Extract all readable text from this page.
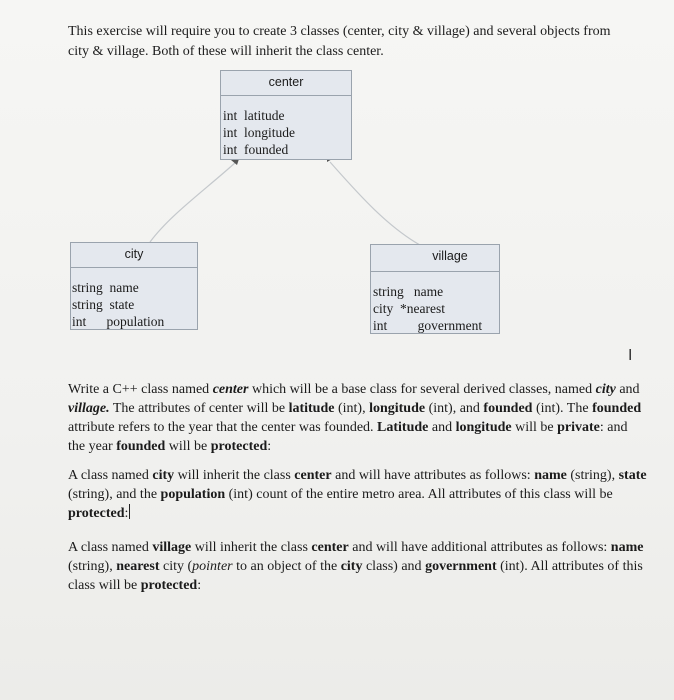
This exercise will require you to create 3 classes (center, city & village) and several objects from
city & village. Both of these will inherit the class center.
center
int  latitude
int  longitude
int  founded
city
string  name
string  state
int      population
village
string   name
city  *nearest
int         government
I
Write a C++ class named center which will be a base class for several derived classes, named city and village. The attributes of center will be latitude (int), longitude (int), and founded (int). The founded attribute refers to the year that the center was founded. Latitude and longitude will be private: and the year founded will be protected:
A class named city will inherit the class center and will have attributes as follows: name (string), state (string), and the population (int) count of the entire metro area. All attributes of this class will be protected:
A class named village will inherit the class center and will have additional attributes as follows: name (string), nearest city (pointer to an object of the city class) and government (int). All attributes of this class will be protected:
